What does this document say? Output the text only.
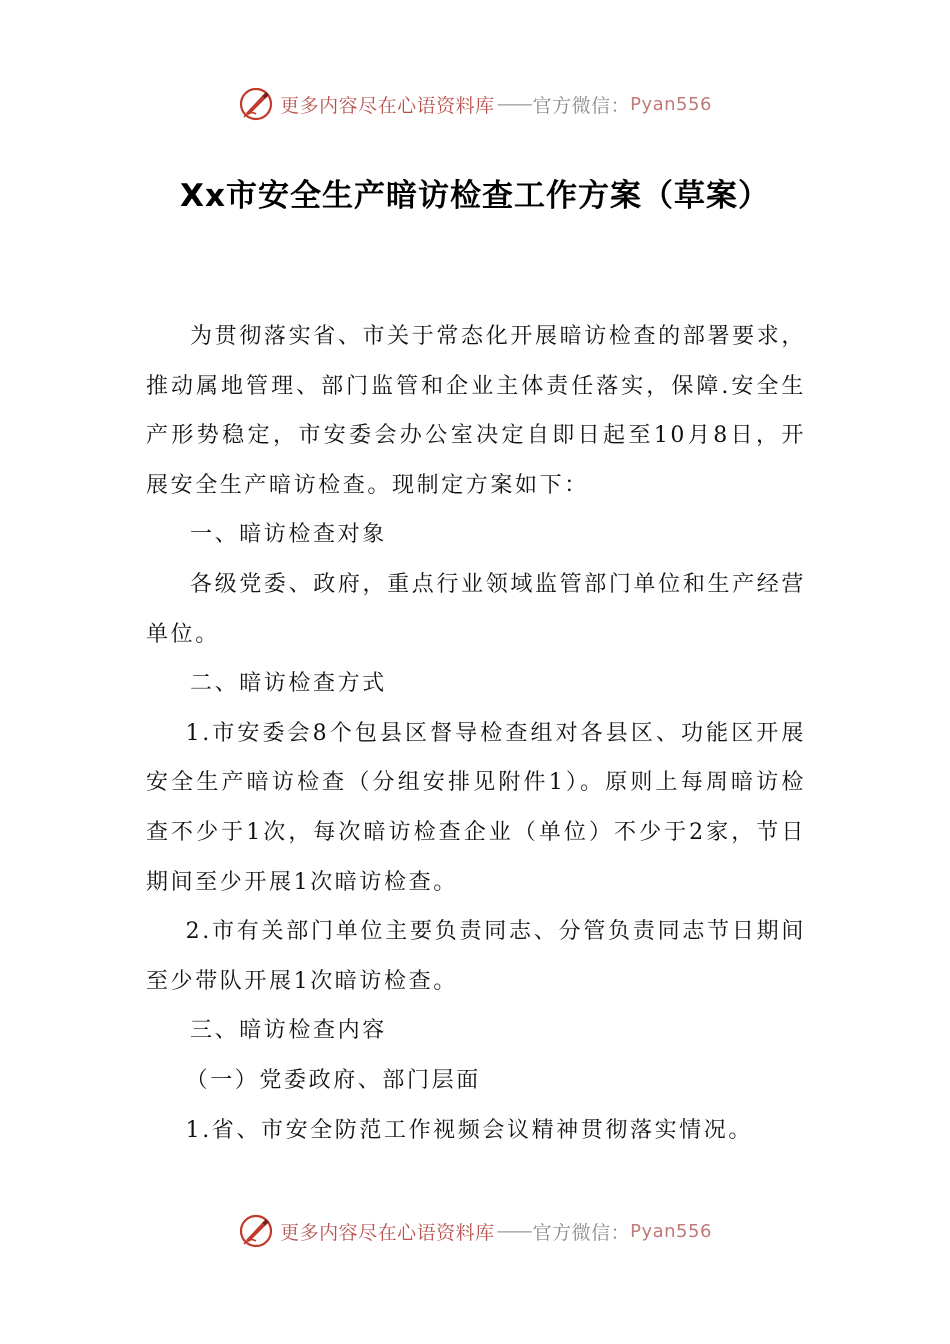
更多内容尽在心语资料库 —— 官方微信： Pyan556
Xx市安全生产暗访检查工作方案（草案）

为贯彻落实省、市关于常态化开展暗访检查的部署要求，推动属地管理、部门监管和企业主体责任落实，保障.安全生产形势稳定，市安委会办公室决定自即日起至10月8日，开展安全生产暗访检查。现制定方案如下：

一、暗访检查对象

各级党委、政府，重点行业领域监管部门单位和生产经营单位。

二、暗访检查方式

1.市安委会8个包县区督导检查组对各县区、功能区开展安全生产暗访检查（分组安排见附件1）。原则上每周暗访检查不少于1次，每次暗访检查企业（单位）不少于2家，节日期间至少开展1次暗访检查。

2.市有关部门单位主要负责同志、分管负责同志节日期间至少带队开展1次暗访检查。

三、暗访检查内容

（一）党委政府、部门层面

1.省、市安全防范工作视频会议精神贯彻落实情况。

更多内容尽在心语资料库 —— 官方微信： Pyan556
